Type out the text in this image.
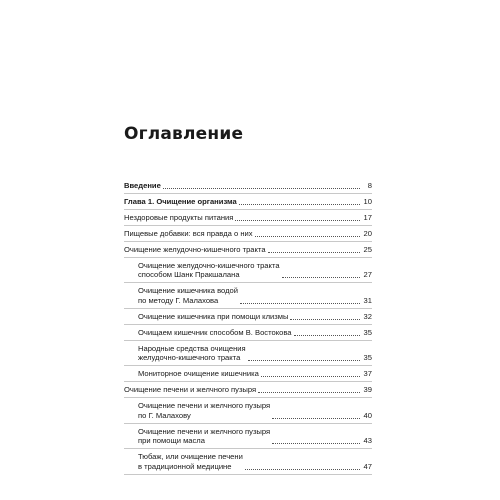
Оглавление
Введение	8
Глава 1. Очищение организма	10
Нездоровые продукты питания	17
Пищевые добавки: вся правда о них	20
Очищение желудочно-кишечного тракта	25
Очищение желудочно-кишечного тракта
способом Шанк Пракшалана	27
Очищение кишечника водой
по методу Г. Малахова	31
Очищение кишечника при помощи клизмы	32
Очищаем кишечник способом В. Востокова	35
Народные средства очищения
желудочно-кишечного тракта	35
Мониторное очищение кишечника	37
Очищение печени и желчного пузыря	39
Очищение печени и желчного пузыря
по Г. Малахову	40
Очищение печени и желчного пузыря
при помощи масла	43
Тюбаж, или очищение печени
в традиционной медицине	47
